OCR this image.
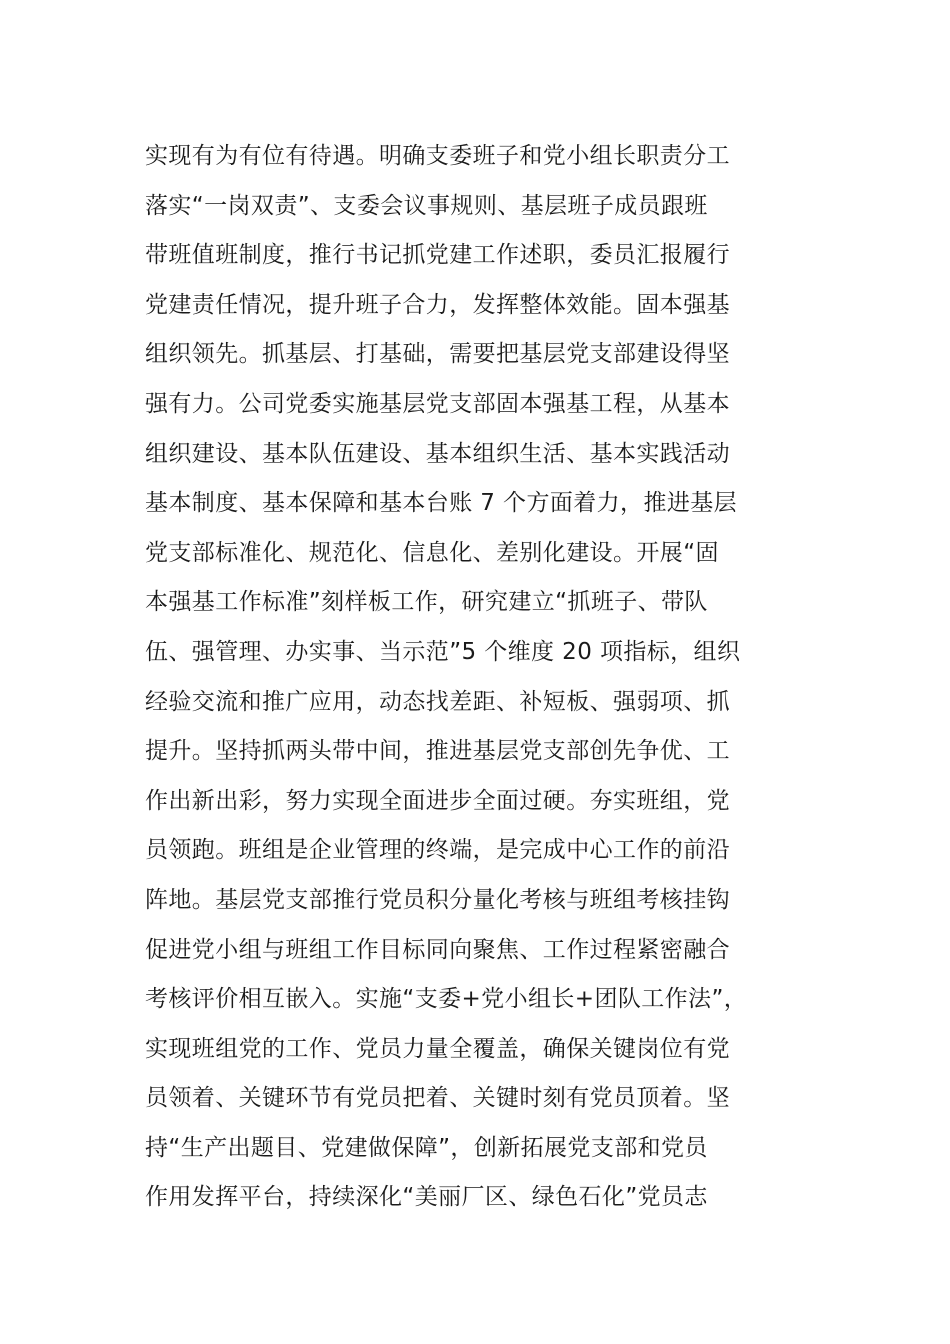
实现有为有位有待遇。明确支委班子和党小组长职责分工
落实“一岗双责”、支委会议事规则、基层班子成员跟班
带班值班制度，推行书记抓党建工作述职，委员汇报履行
党建责任情况，提升班子合力，发挥整体效能。固本强基
组织领先。抓基层、打基础，需要把基层党支部建设得坚
强有力。公司党委实施基层党支部固本强基工程，从基本
组织建设、基本队伍建设、基本组织生活、基本实践活动
基本制度、基本保障和基本台账 7 个方面着力，推进基层
党支部标准化、规范化、信息化、差别化建设。开展“固
本强基工作标准”刻样板工作，研究建立“抓班子、带队
伍、强管理、办实事、当示范”5 个维度 20 项指标，组织
经验交流和推广应用，动态找差距、补短板、强弱项、抓
提升。坚持抓两头带中间，推进基层党支部创先争优、工
作出新出彩，努力实现全面进步全面过硬。夯实班组，党
员领跑。班组是企业管理的终端，是完成中心工作的前沿
阵地。基层党支部推行党员积分量化考核与班组考核挂钩
促进党小组与班组工作目标同向聚焦、工作过程紧密融合
考核评价相互嵌入。实施“支委+党小组长+团队工作法”，
实现班组党的工作、党员力量全覆盖，确保关键岗位有党
员领着、关键环节有党员把着、关键时刻有党员顶着。坚
持“生产出题目、党建做保障”，创新拓展党支部和党员
作用发挥平台，持续深化“美丽厂区、绿色石化”党员志
